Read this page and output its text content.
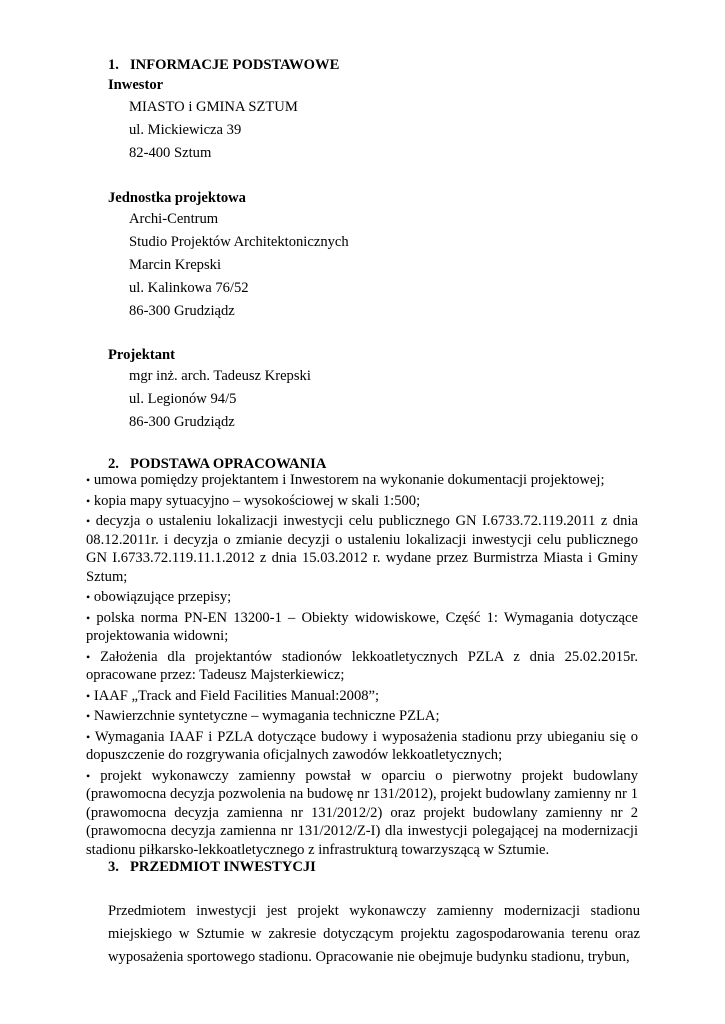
1. INFORMACJE PODSTAWOWE
Inwestor
MIASTO i GMINA SZTUM
ul. Mickiewicza 39
82-400 Sztum
Jednostka projektowa
Archi-Centrum
Studio Projektów Architektonicznych
Marcin Krepski
ul. Kalinkowa 76/52
86-300 Grudziądz
Projektant
mgr inż. arch. Tadeusz Krepski
ul. Legionów 94/5
86-300 Grudziądz
2. PODSTAWA OPRACOWANIA
• umowa pomiędzy projektantem i Inwestorem na wykonanie dokumentacji projektowej;
• kopia mapy sytuacyjno – wysokościowej w skali 1:500;
• decyzja o ustaleniu lokalizacji inwestycji celu publicznego GN I.6733.72.119.2011 z dnia 08.12.2011r. i decyzja o zmianie decyzji o ustaleniu lokalizacji inwestycji celu publicznego GN I.6733.72.119.11.1.2012 z dnia 15.03.2012 r. wydane przez Burmistrza Miasta i Gminy Sztum;
• obowiązujące przepisy;
• polska norma PN-EN 13200-1 – Obiekty widowiskowe, Część 1: Wymagania dotyczące projektowania widowni;
• Założenia dla projektantów stadionów lekkoatletycznych PZLA z dnia 25.02.2015r. opracowane przez: Tadeusz Majsterkiewicz;
• IAAF „Track and Field Facilities Manual:2008”;
• Nawierzchnie syntetyczne – wymagania techniczne PZLA;
• Wymagania IAAF i PZLA dotyczące budowy i wyposażenia stadionu przy ubieganiu się o dopuszczenie do rozgrywania oficjalnych zawodów lekkoatletycznych;
• projekt wykonawczy zamienny powstał w oparciu o pierwotny projekt budowlany (prawomocna decyzja pozwolenia na budowę nr 131/2012), projekt budowlany zamienny nr 1 (prawomocna decyzja zamienna nr 131/2012/2) oraz projekt budowlany zamienny nr 2 (prawomocna decyzja zamienna nr 131/2012/Z-I) dla inwestycji polegającej na modernizacji stadionu piłkarsko-lekkoatletycznego z infrastrukturą towarzyszącą w Sztumie.
3. PRZEDMIOT INWESTYCJI

Przedmiotem inwestycji jest projekt wykonawczy zamienny modernizacji stadionu miejskiego w Sztumie w zakresie dotyczącym projektu zagospodarowania terenu oraz wyposażenia sportowego stadionu. Opracowanie nie obejmuje budynku stadionu, trybun,
